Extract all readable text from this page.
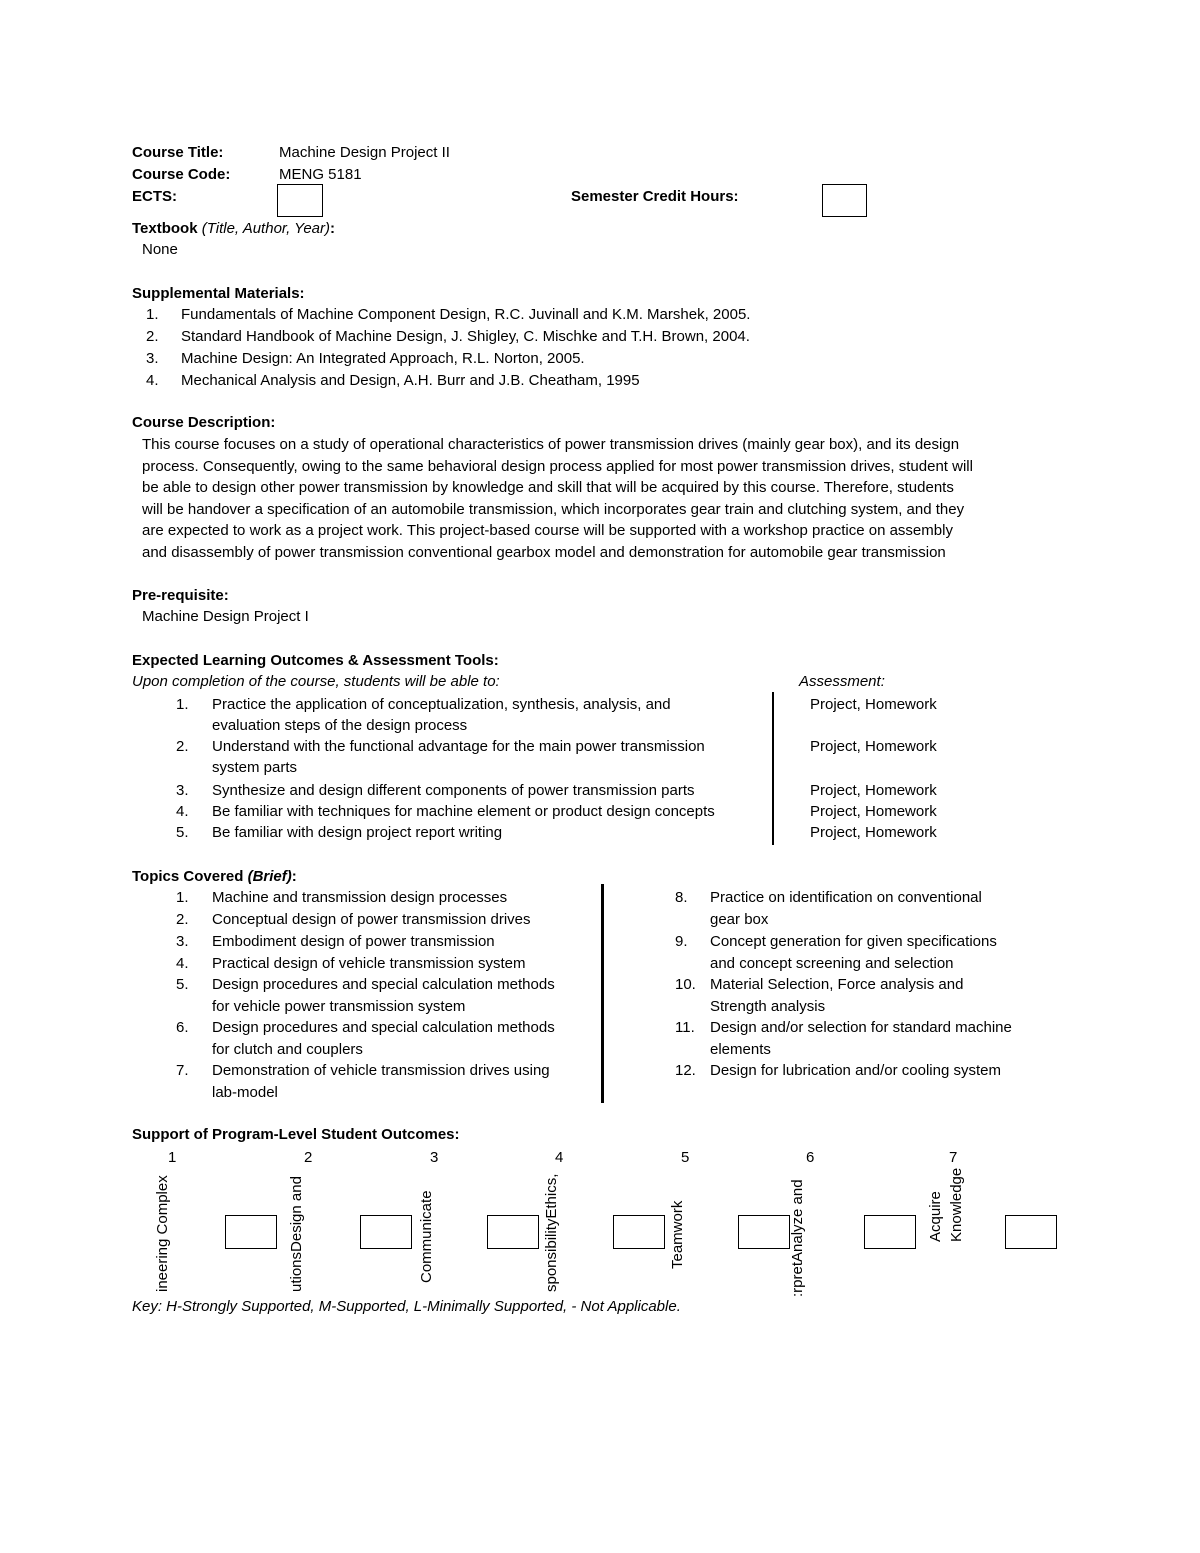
Course Title:	Machine Design Project II
Course Code:	MENG 5181
ECTS:	Semester Credit Hours:
Textbook (Title, Author, Year):
None
Supplemental Materials:
1. Fundamentals of Machine Component Design, R.C. Juvinall and K.M. Marshek, 2005.
2. Standard Handbook of Machine Design, J. Shigley, C. Mischke and T.H. Brown, 2004.
3. Machine Design: An Integrated Approach, R.L. Norton, 2005.
4. Mechanical Analysis and Design, A.H. Burr and J.B. Cheatham, 1995
Course Description:
This course focuses on a study of operational characteristics of power transmission drives (mainly gear box), and its design
process. Consequently, owing to the same behavioral design process applied for most power transmission drives, student will
be able to design other power transmission by knowledge and skill that will be acquired by this course. Therefore, students
will be handover a specification of an automobile transmission, which incorporates gear train and clutching system, and they
are expected to work as a project work. This project-based course will be supported with a workshop practice on assembly
and disassembly of power transmission conventional gearbox model and demonstration for automobile gear transmission
Pre-requisite:
Machine Design Project I
Expected Learning Outcomes & Assessment Tools:
Upon completion of the course, students will be able to:	Assessment:
1. Practice the application of conceptualization, synthesis, analysis, and
evaluation steps of the design process
Project, Homework
2. Understand with the functional advantage for the main power transmission
system parts
Project, Homework
3. Synthesize and design different components of power transmission parts	Project, Homework
4. Be familiar with techniques for machine element or product design concepts	Project, Homework
5. Be familiar with design project report writing	Project, Homework
Topics Covered (Brief):
1. Machine and transmission design processes
2. Conceptual design of power transmission drives
3. Embodiment design of power transmission
4. Practical design of vehicle transmission system
5. Design procedures and special calculation methods
for vehicle power transmission system
6. Design procedures and special calculation methods
for clutch and couplers
7. Demonstration of vehicle transmission drives using
lab-model
8. Practice on identification on conventional
gear box
9. Concept generation for given specifications
and concept screening and selection
10. Material Selection, Force analysis and
Strength analysis
11. Design and/or selection for standard machine
elements
12. Design for lubrication and/or cooling system
Support of Program-Level Student Outcomes:
1
ineering Complex
2
utionsDesign and
3
Communicate
4
sponsibilityEthics,
5
Teamwork
6
:rpretAnalyze and
7
Acquire Knowledge
Key: H-Strongly Supported, M-Supported, L-Minimally Supported, - Not Applicable.
